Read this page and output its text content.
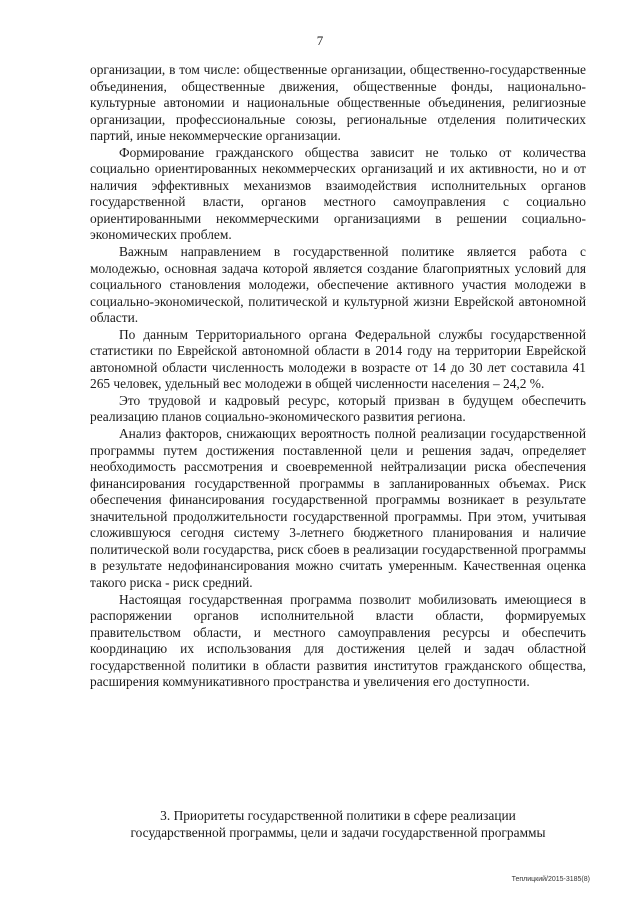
7

организации, в том числе: общественные организации, общественно-государственные объединения, общественные движения, общественные фонды, национально-культурные автономии и национальные общественные объединения, религиозные организации, профессиональные союзы, региональные отделения политических партий, иные некоммерческие организации.

Формирование гражданского общества зависит не только от количества социально ориентированных некоммерческих организаций и их активности, но и от наличия эффективных механизмов взаимодействия исполнительных органов государственной власти, органов местного самоуправления с социально ориентированными некоммерческими организациями в решении социально-экономических проблем.

Важным направлением в государственной политике является работа с молодежью, основная задача которой является создание благоприятных условий для социального становления молодежи, обеспечение активного участия молодежи в социально-экономической, политической и культурной жизни Еврейской автономной области.

По данным Территориального органа Федеральной службы государственной статистики по Еврейской автономной области в 2014 году на территории Еврейской автономной области численность молодежи в возрасте от 14 до 30 лет составила 41 265 человек, удельный вес молодежи в общей численности населения – 24,2 %.

Это трудовой и кадровый ресурс, который призван в будущем обеспечить реализацию планов социально-экономического развития региона.

Анализ факторов, снижающих вероятность полной реализации государственной программы путем достижения поставленной цели и решения задач, определяет необходимость рассмотрения и своевременной нейтрализации риска обеспечения финансирования государственной программы в запланированных объемах. Риск обеспечения финансирования государственной программы возникает в результате значительной продолжительности государственной программы. При этом, учитывая сложившуюся сегодня систему 3-летнего бюджетного планирования и наличие политической воли государства, риск сбоев в реализации государственной программы в результате недофинансирования можно считать умеренным. Качественная оценка такого риска - риск средний.

Настоящая государственная программа позволит мобилизовать имеющиеся в распоряжении органов исполнительной власти области, формируемых правительством области, и местного самоуправления ресурсы и обеспечить координацию их использования для достижения целей и задач областной государственной политики в области развития институтов гражданского общества, расширения коммуникативного пространства и увеличения его доступности.

3. Приоритеты государственной политики в сфере реализации
государственной программы, цели и задачи государственной программы
Теплицкий/2015-3185(8)
